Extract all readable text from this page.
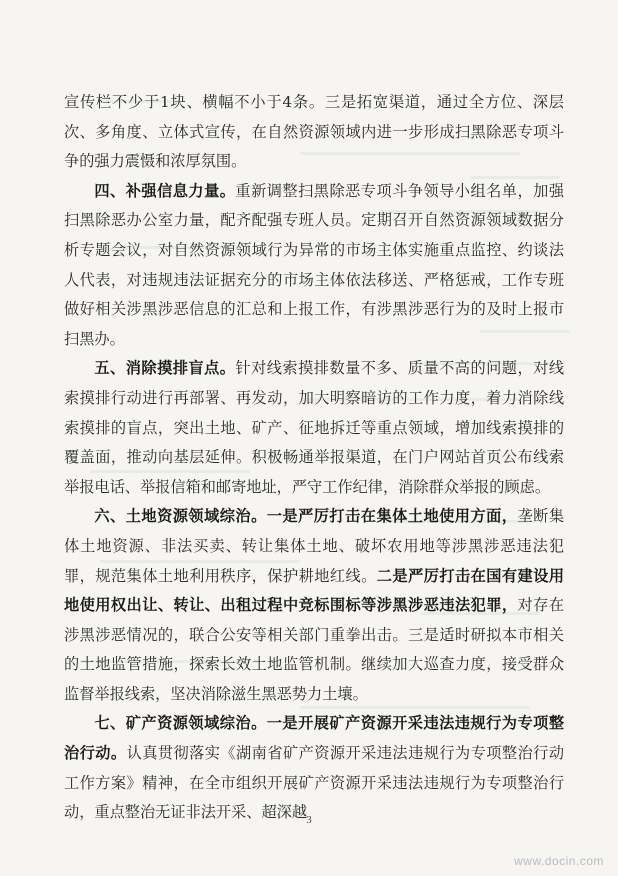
宣传栏不少于1块、横幅不小于4条。三是拓宽渠道，通过全方位、深层次、多角度、立体式宣传，在自然资源领域内进一步形成扫黑除恶专项斗争的强力震慑和浓厚氛围。

四、补强信息力量。重新调整扫黑除恶专项斗争领导小组名单，加强扫黑除恶办公室力量，配齐配强专班人员。定期召开自然资源领域数据分析专题会议，对自然资源领域行为异常的市场主体实施重点监控、约谈法人代表，对违规违法证据充分的市场主体依法移送、严格惩戒，工作专班做好相关涉黑涉恶信息的汇总和上报工作，有涉黑涉恶行为的及时上报市扫黑办。

五、消除摸排盲点。针对线索摸排数量不多、质量不高的问题，对线索摸排行动进行再部署、再发动，加大明察暗访的工作力度，着力消除线索摸排的盲点，突出土地、矿产、征地拆迁等重点领域，增加线索摸排的覆盖面，推动向基层延伸。积极畅通举报渠道，在门户网站首页公布线索举报电话、举报信箱和邮寄地址，严守工作纪律，消除群众举报的顾虑。

六、土地资源领域综治。一是严厉打击在集体土地使用方面，垄断集体土地资源、非法买卖、转让集体土地、破坏农用地等涉黑涉恶违法犯罪，规范集体土地利用秩序，保护耕地红线。二是严厉打击在国有建设用地使用权出让、转让、出租过程中竞标围标等涉黑涉恶违法犯罪，对存在涉黑涉恶情况的，联合公安等相关部门重拳出击。三是适时研拟本市相关的土地监管措施，探索长效土地监管机制。继续加大巡查力度，接受群众监督举报线索，坚决消除滋生黑恶势力土壤。

七、矿产资源领域综治。一是开展矿产资源开采违法违规行为专项整治行动。认真贯彻落实《湖南省矿产资源开采违法违规行为专项整治行动工作方案》精神，在全市组织开展矿产资源开采违法违规行为专项整治行动，重点整治无证非法开采、超深越 3
www.docin.com
